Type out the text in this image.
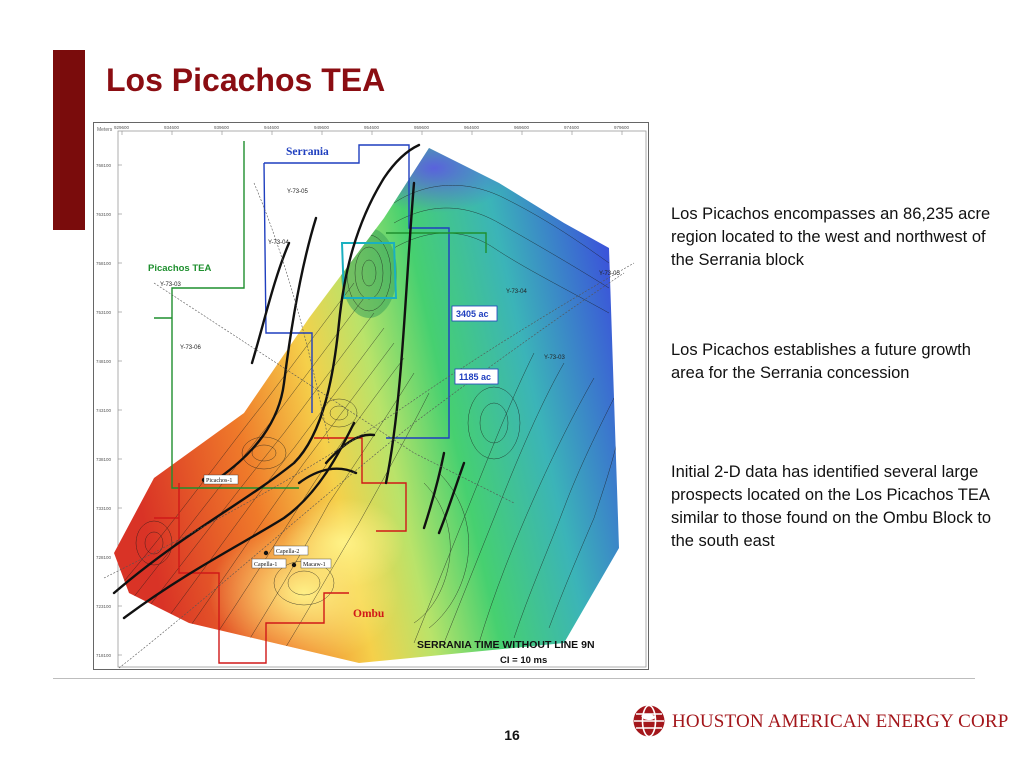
Los Picachos TEA
Meters 929600	934600	939600	944600	949600	954600	959600	964600	969600	974600	979600
768100
763100
758100
753100
748100
743100
738100
733100
728100
723100
718100
Capella-2
Capella-1	Macaw-1
Picachos-1
Y-73-05
Y-73-04
Y-73-03
Y-73-06
Y-73-05
Y-73-04
Y-73-03
Serrania
Picachos TEA
Ombu
3405 ac
1185 ac
SERRANIA TIME WITHOUT LINE 9N
CI = 10 ms

Los Picachos encompasses an 86,235 acre region located to the west and northwest of the Serrania block

Los Picachos establishes a future growth area for the Serrania concession

Initial 2-D data has identified several large prospects located on the Los Picachos TEA similar to those found on the Ombu Block to the south east

16
HOUSTON AMERICAN ENERGY CORP
